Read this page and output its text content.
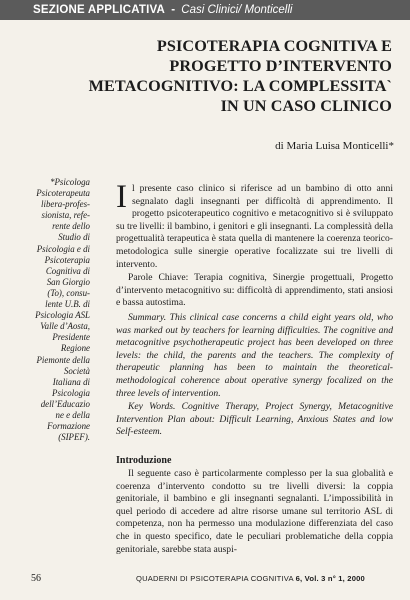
SEZIONE APPLICATIVA - Casi Clinici/ Monticelli
PSICOTERAPIA COGNITIVA E
PROGETTO D’INTERVENTO
METACOGNITIVO: LA COMPLESSITA`
IN UN CASO CLINICO
di Maria Luisa Monticelli*
*Psicologa
Psicoterapeuta
libera-profes-
sionista, refe-
rente dello
Studio di
Psicologia e di
Psicoterapia
Cognitiva di
San Giorgio
(To), consu-
lente U.B. di
Psicologia ASL
Valle d’Aosta,
Presidente
Regione
Piemonte della
Società
Italiana di
Psicologia
dell’Educazio
ne e della
Formazione
(SIPEF).

Il presente caso clinico si riferisce ad un bambino di otto anni segnalato dagli insegnanti per difficoltà di apprendimento. Il progetto psicoterapeutico cognitivo e metacognitivo si è sviluppato su tre livelli: il bambino, i genitori e gli insegnanti. La complessità della progettualità terapeutica è stata quella di mantenere la coerenza teorico-metodologica sulle sinergie operative focalizzate sui tre livelli di intervento.

Parole Chiave: Terapia cognitiva, Sinergie progettuali, Progetto d’intervento metacognitivo su: difficoltà di apprendimento, stati ansiosi e bassa autostima.

Summary. This clinical case concerns a child eight years old, who was marked out by teachers for learning difficulties. The cognitive and metacognitive psychotherapeutic project has been developed on three levels: the child, the parents and the teachers. The complexity of therapeutic planning has been to maintain the theoretical-methodological coherence about operative synergy focalized on the three levels of intervention.

Key Words. Cognitive Therapy, Project Synergy, Metacognitive Intervention Plan about: Difficult Learning, Anxious States and low Self-esteem.

Introduzione

Il seguente caso è particolarmente complesso per la sua globalità e coerenza d’intervento condotto su tre livelli diversi: la coppia genitoriale, il bambino e gli insegnanti segnalanti. L’impossibilità in quel periodo di accedere ad altre risorse umane sul territorio ASL di competenza, non ha permesso una modulazione differenziata del caso che in questo specifico, date le peculiari problematiche della coppia genitoriale, sarebbe stata auspi-

56	QUADERNI DI PSICOTERAPIA COGNITIVA 6, Vol. 3 n° 1, 2000
